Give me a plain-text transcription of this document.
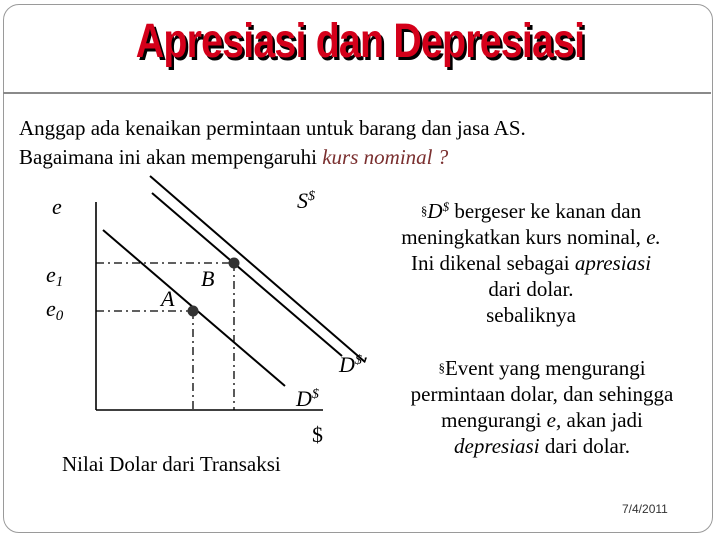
Apresiasi dan Depresiasi

Anggap ada kenaikan permintaan untuk barang dan jasa AS.
Bagaimana ini akan mempengaruhi kurs nominal ?

e
$e_1$
$e_0$
A
B
S$
D$
D$′
$
Nilai Dolar dari Transaksi
§D$ bergeser ke kanan dan
meningkatkan kurs nominal, e.
Ini dikenal sebagai apresiasi
dari dolar.
sebaliknya
§Event yang mengurangi
permintaan dolar, dan sehingga
mengurangi e, akan jadi
depresiasi dari dolar.
7/4/2011
